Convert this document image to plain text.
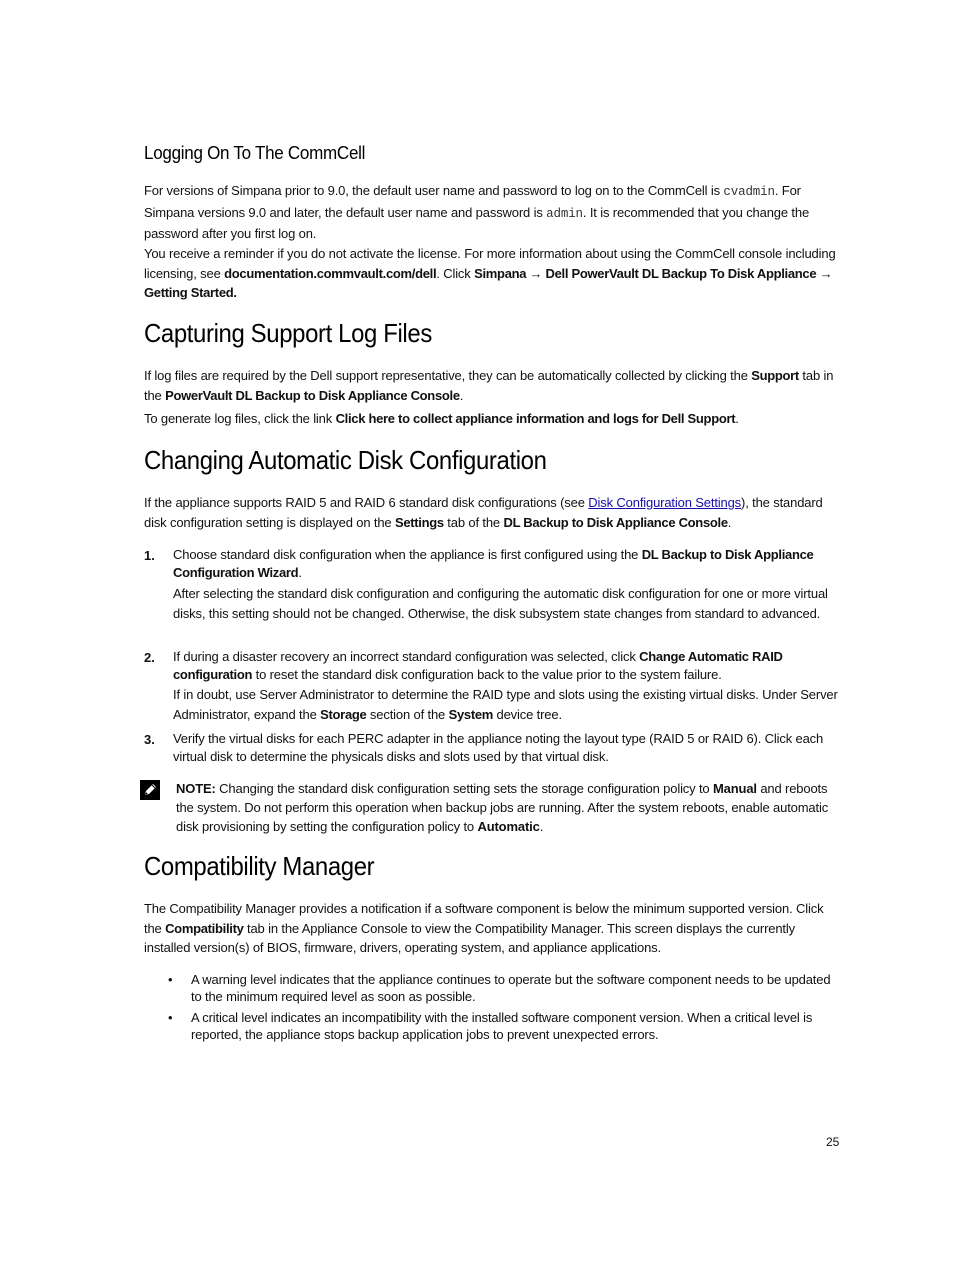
Logging On To The CommCell

For versions of Simpana prior to 9.0, the default user name and password to log on to the CommCell is cvadmin. For Simpana versions 9.0 and later, the default user name and password is admin. It is recommended that you change the password after you first log on.

You receive a reminder if you do not activate the license. For more information about using the CommCell console including licensing, see documentation.commvault.com/dell. Click Simpana → Dell PowerVault DL Backup To Disk Appliance → Getting Started.

Capturing Support Log Files

If log files are required by the Dell support representative, they can be automatically collected by clicking the Support tab in the PowerVault DL Backup to Disk Appliance Console.

To generate log files, click the link Click here to collect appliance information and logs for Dell Support.

Changing Automatic Disk Configuration

If the appliance supports RAID 5 and RAID 6 standard disk configurations (see Disk Configuration Settings), the standard disk configuration setting is displayed on the Settings tab of the DL Backup to Disk Appliance Console.

1. Choose standard disk configuration when the appliance is first configured using the DL Backup to Disk Appliance Configuration Wizard.

After selecting the standard disk configuration and configuring the automatic disk configuration for one or more virtual disks, this setting should not be changed. Otherwise, the disk subsystem state changes from standard to advanced.

2. If during a disaster recovery an incorrect standard configuration was selected, click Change Automatic RAID configuration to reset the standard disk configuration back to the value prior to the system failure.

If in doubt, use Server Administrator to determine the RAID type and slots using the existing virtual disks. Under Server Administrator, expand the Storage section of the System device tree.

3. Verify the virtual disks for each PERC adapter in the appliance noting the layout type (RAID 5 or RAID 6). Click each virtual disk to determine the physicals disks and slots used by that virtual disk.

NOTE: Changing the standard disk configuration setting sets the storage configuration policy to Manual and reboots the system. Do not perform this operation when backup jobs are running. After the system reboots, enable automatic disk provisioning by setting the configuration policy to Automatic.

Compatibility Manager

The Compatibility Manager provides a notification if a software component is below the minimum supported version. Click the Compatibility tab in the Appliance Console to view the Compatibility Manager. This screen displays the currently installed version(s) of BIOS, firmware, drivers, operating system, and appliance applications.

• A warning level indicates that the appliance continues to operate but the software component needs to be updated to the minimum required level as soon as possible.

• A critical level indicates an incompatibility with the installed software component version. When a critical level is reported, the appliance stops backup application jobs to prevent unexpected errors.

25
